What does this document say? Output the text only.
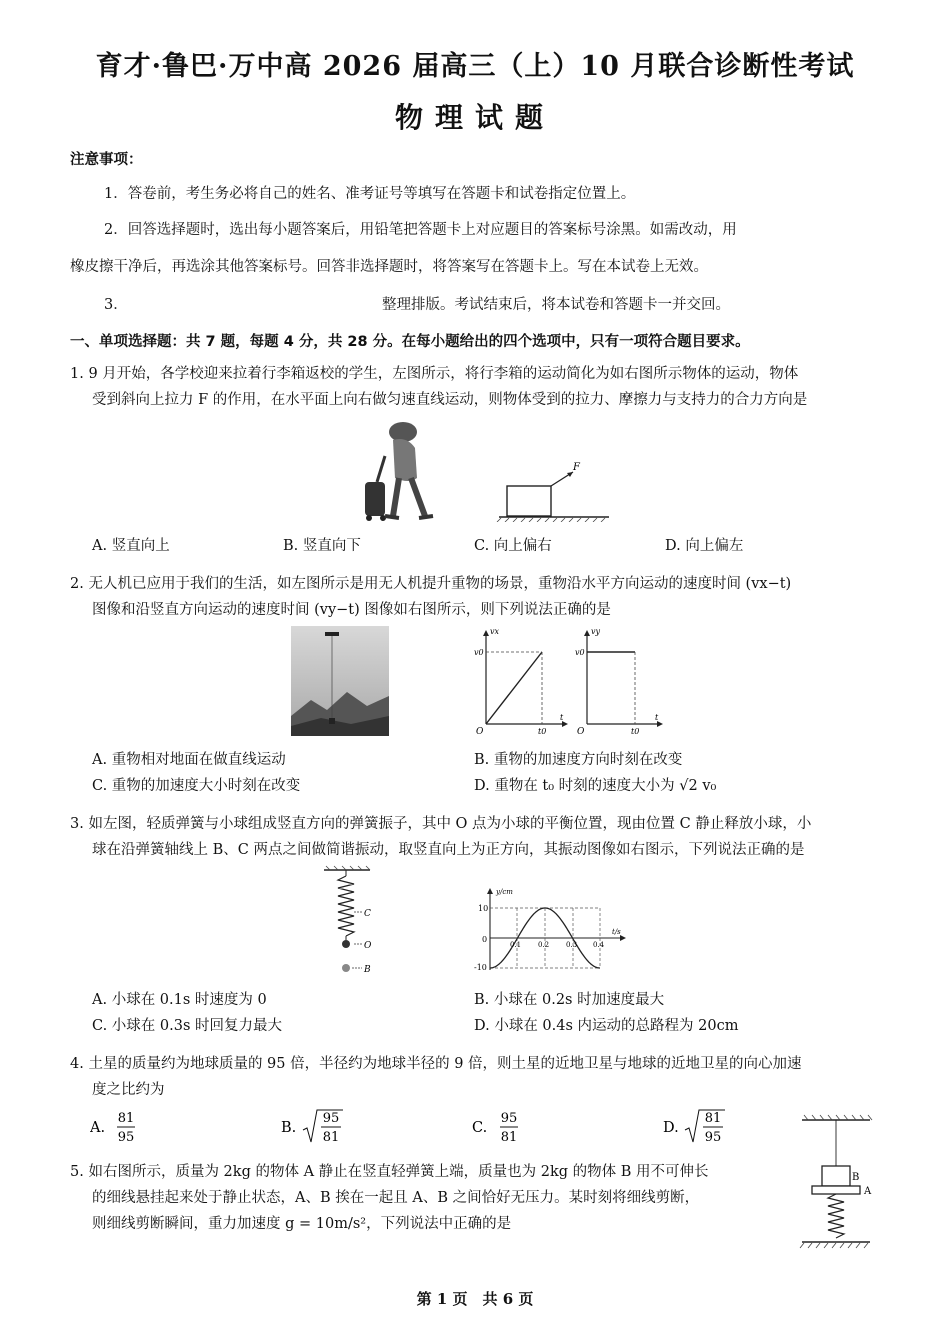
育才·鲁巴·万中高 2026 届高三（上）10 月联合诊断性考试
物理试题
注意事项：
1．答卷前，考生务必将自己的姓名、准考证号等填写在答题卡和试卷指定位置上。
2．回答选择题时，选出每小题答案后，用铅笔把答题卡上对应题目的答案标号涂黑。如需改动，用
橡皮擦干净后，再选涂其他答案标号。回答非选择题时，将答案写在答题卡上。写在本试卷上无效。
3．	整理排版。考试结束后，将本试卷和答题卡一并交回。
一、单项选择题：共 7 题，每题 4 分，共 28 分。在每小题给出的四个选项中，只有一项符合题目要求。
1. 9 月开始，各学校迎来拉着行李箱返校的学生，左图所示，将行李箱的运动简化为如右图所示物体的运动，物体
受到斜向上拉力 F 的作用，在水平面上向右做匀速直线运动，则物体受到的拉力、摩擦力与支持力的合力方向是
F
A. 竖直向上	B. 竖直向下	C. 向上偏右	D. 向上偏左
2. 无人机已应用于我们的生活，如左图所示是用无人机提升重物的场景，重物沿水平方向运动的速度时间 (vx−t)
图像和沿竖直方向运动的速度时间 (vy−t) 图像如右图所示，则下列说法正确的是
vx
v0
O	t0
t
vy
v0
O	t0
t
A. 重物相对地面在做直线运动	B. 重物的加速度方向时刻在改变
C. 重物的加速度大小时刻在改变	D. 重物在 t₀ 时刻的速度大小为 √2 v₀
3. 如左图，轻质弹簧与小球组成竖直方向的弹簧振子，其中 O 点为小球的平衡位置，现由位置 C 静止释放小球，小
球在沿弹簧轴线上 B、C 两点之间做简谐振动，取竖直向上为正方向，其振动图像如右图示，下列说法正确的是
C
O
B
y/cm
t/s
10
-10
0
0.1 0.2 0.3 0.4
A. 小球在 0.1s 时速度为 0	B. 小球在 0.2s 时加速度最大
C. 小球在 0.3s 时回复力最大	D. 小球在 0.4s 内运动的总路程为 20cm
4. 土星的质量约为地球质量的 95 倍，半径约为地球半径的 9 倍，则土星的近地卫星与地球的近地卫星的向心加速
度之比约为
A.
81
95
B.
95
81
C.
95
81
D.
81
95
5. 如右图所示，质量为 2kg 的物体 A 静止在竖直轻弹簧上端，质量也为 2kg 的物体 B 用不可伸长
的细线悬挂起来处于静止状态，A、B 挨在一起且 A、B 之间恰好无压力。某时刻将细线剪断，
则细线剪断瞬间，重力加速度 g = 10m/s²，下列说法中正确的是
B
A
第 1 页　共 6 页
